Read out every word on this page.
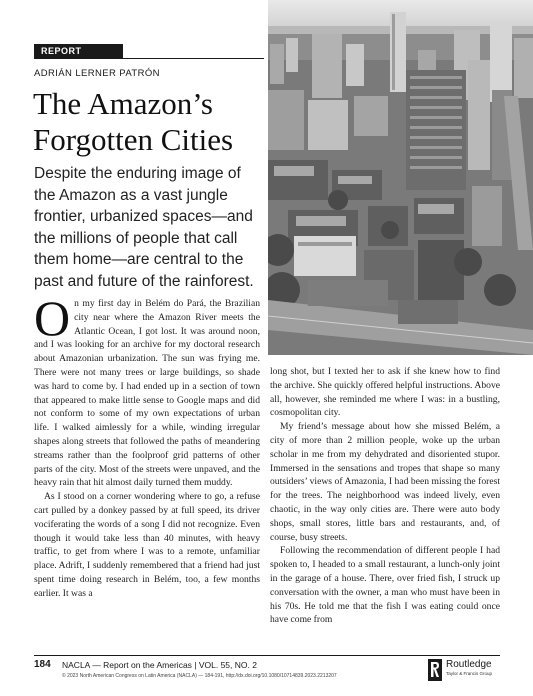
REPORT
ADRIÁN LERNER PATRÓN
The Amazon’s Forgotten Cities

Despite the enduring image of the Amazon as a vast jungle frontier, urbanized spaces—and the millions of people that call them home—are central to the past and future of the rainforest.

On my first day in Belém do Pará, the Brazilian city near where the Amazon River meets the Atlantic Ocean, I got lost. It was around noon, and I was looking for an archive for my doctoral research about Amazonian urbanization. The sun was frying me. There were not many trees or large buildings, so shade was hard to come by. I had ended up in a section of town that appeared to make little sense to Google maps and did not conform to some of my own expectations of urban life. I walked aimlessly for a while, winding irregular shapes along streets that followed the paths of meandering streams rather than the foolproof grid patterns of other parts of the city. Most of the streets were unpaved, and the heavy rain that hit almost daily turned them muddy.

As I stood on a corner wondering where to go, a refuse cart pulled by a donkey passed by at full speed, its driver vociferating the words of a song I did not recognize. Even though it would take less than 40 minutes, with heavy traffic, to get from where I was to a remote, unfamiliar place. Adrift, I suddenly remembered that a friend had just spent time doing research in Belém, too, a few months earlier. It was a

long shot, but I texted her to ask if she knew how to find the archive. She quickly offered helpful instructions. Above all, however, she reminded me where I was: in a bustling, cosmopolitan city.

My friend’s message about how she missed Belém, a city of more than 2 million people, woke up the urban scholar in me from my dehydrated and disoriented stupor. Immersed in the sensations and tropes that shape so many outsiders’ views of Amazonia, I had been missing the forest for the trees. The neighborhood was indeed lively, even chaotic, in the way only cities are. There were auto body shops, small stores, little bars and restaurants, and, of course, busy streets.

Following the recommendation of different people I had spoken to, I headed to a small restaurant, a lunch-only joint in the garage of a house. There, over fried fish, I struck up conversation with the owner, a man who must have been in his 70s. He told me that the fish I was eating could once have come from

184 NACLA — Report on the Americas | VOL. 55, NO. 2
© 2023 North American Congress on Latin America (NACLA) — 184-191, http://dx.doi.org/10.1080/10714839.2023.2213207
Routledge
Taylor & Francis Group
